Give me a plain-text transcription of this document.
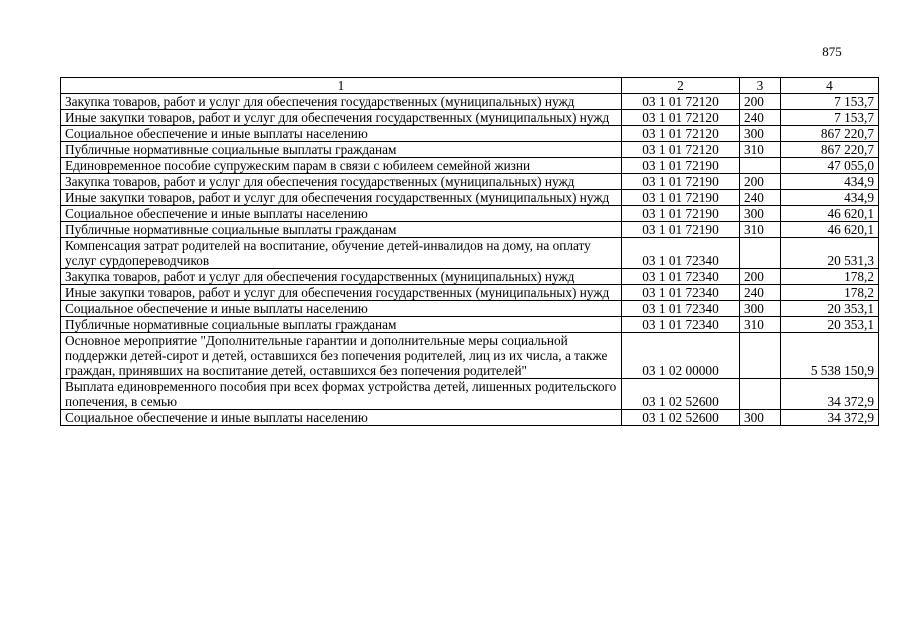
875
1	2	3	4
Закупка товаров, работ и услуг для обеспечения государственных (муниципальных) нужд	03 1 01 72120	200	7 153,7
Иные закупки товаров, работ и услуг для обеспечения государственных (муниципальных) нужд	03 1 01 72120	240	7 153,7
Социальное обеспечение и иные выплаты населению	03 1 01 72120	300	867 220,7
Публичные нормативные социальные выплаты гражданам	03 1 01 72120	310	867 220,7
Единовременное пособие супружеским парам в связи с юбилеем семейной жизни	03 1 01 72190		47 055,0
Закупка товаров, работ и услуг для обеспечения государственных (муниципальных) нужд	03 1 01 72190	200	434,9
Иные закупки товаров, работ и услуг для обеспечения государственных (муниципальных) нужд	03 1 01 72190	240	434,9
Социальное обеспечение и иные выплаты населению	03 1 01 72190	300	46 620,1
Публичные нормативные социальные выплаты гражданам	03 1 01 72190	310	46 620,1
Компенсация затрат родителей на воспитание, обучение детей-инвалидов на дому, на оплату услуг сурдопереводчиков	03 1 01 72340		20 531,3
Закупка товаров, работ и услуг для обеспечения государственных (муниципальных) нужд	03 1 01 72340	200	178,2
Иные закупки товаров, работ и услуг для обеспечения государственных (муниципальных) нужд	03 1 01 72340	240	178,2
Социальное обеспечение и иные выплаты населению	03 1 01 72340	300	20 353,1
Публичные нормативные социальные выплаты гражданам	03 1 01 72340	310	20 353,1
Основное мероприятие "Дополнительные гарантии и дополнительные меры социальной поддержки детей-сирот и детей, оставшихся без попечения родителей, лиц из их числа, а также граждан, принявших на воспитание детей, оставшихся без попечения родителей"	03 1 02 00000		5 538 150,9
Выплата единовременного пособия при всех формах устройства детей, лишенных родительского попечения, в семью	03 1 02 52600		34 372,9
Социальное обеспечение и иные выплаты населению	03 1 02 52600	300	34 372,9
